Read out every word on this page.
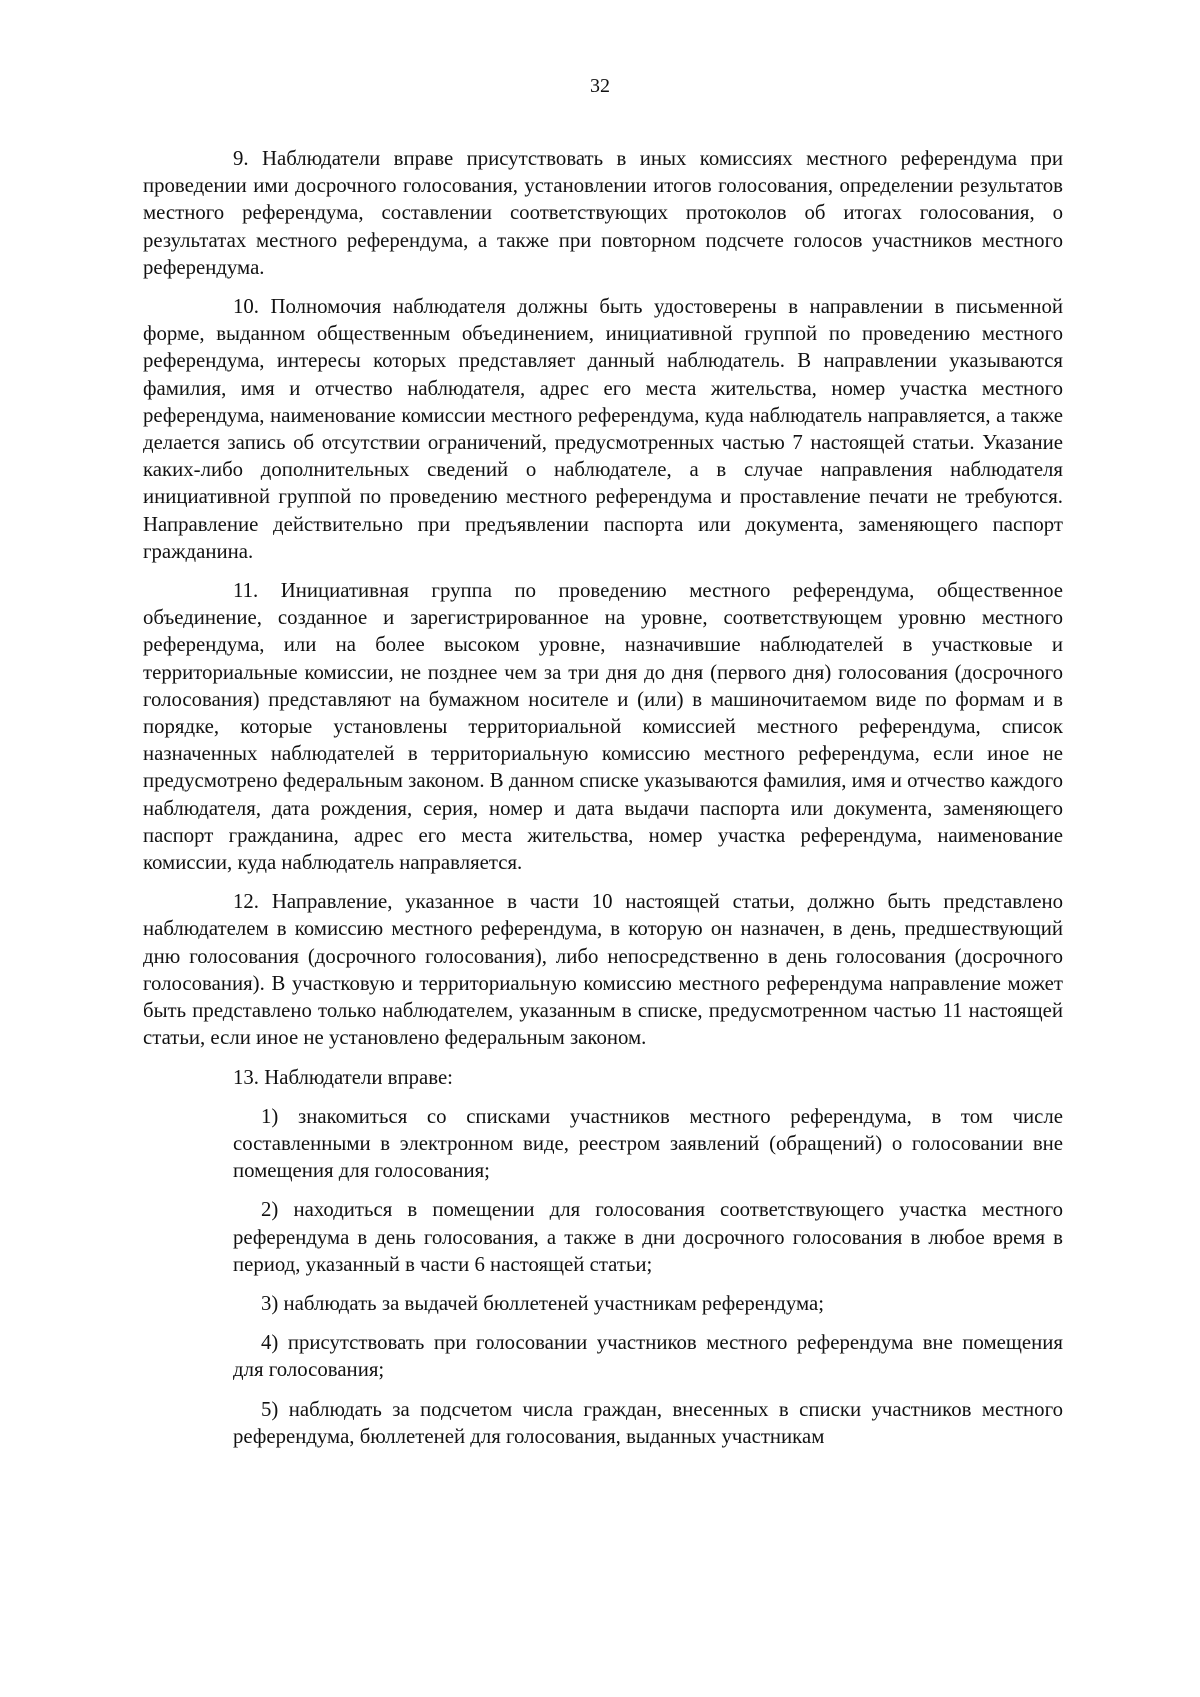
32

9. Наблюдатели вправе присутствовать в иных комиссиях местного референдума при проведении ими досрочного голосования, установлении итогов голосования, определении результатов местного референдума, составлении соответствующих протоколов об итогах голосования, о результатах местного референдума, а также при повторном подсчете голосов участников местного референдума.

10. Полномочия наблюдателя должны быть удостоверены в направлении в письменной форме, выданном общественным объединением, инициативной группой по проведению местного референдума, интересы которых представляет данный наблюдатель. В направлении указываются фамилия, имя и отчество наблюдателя, адрес его места жительства, номер участка местного референдума, наименование комиссии местного референдума, куда наблюдатель направляется, а также делается запись об отсутствии ограничений, предусмотренных частью 7 настоящей статьи. Указание каких-либо дополнительных сведений о наблюдателе, а в случае направления наблюдателя инициативной группой по проведению местного референдума и проставление печати не требуются. Направление действительно при предъявлении паспорта или документа, заменяющего паспорт гражданина.

11. Инициативная группа по проведению местного референдума, общественное объединение, созданное и зарегистрированное на уровне, соответствующем уровню местного референдума, или на более высоком уровне, назначившие наблюдателей в участковые и территориальные комиссии, не позднее чем за три дня до дня (первого дня) голосования (досрочного голосования) представляют на бумажном носителе и (или) в машиночитаемом виде по формам и в порядке, которые установлены территориальной комиссией местного референдума, список назначенных наблюдателей в территориальную комиссию местного референдума, если иное не предусмотрено федеральным законом. В данном списке указываются фамилия, имя и отчество каждого наблюдателя, дата рождения, серия, номер и дата выдачи паспорта или документа, заменяющего паспорт гражданина, адрес его места жительства, номер участка референдума, наименование комиссии, куда наблюдатель направляется.

12. Направление, указанное в части 10 настоящей статьи, должно быть представлено наблюдателем в комиссию местного референдума, в которую он назначен, в день, предшествующий дню голосования (досрочного голосования), либо непосредственно в день голосования (досрочного голосования). В участковую и территориальную комиссию местного референдума направление может быть представлено только наблюдателем, указанным в списке, предусмотренном частью 11 настоящей статьи, если иное не установлено федеральным законом.

13. Наблюдатели вправе:

1) знакомиться со списками участников местного референдума, в том числе составленными в электронном виде, реестром заявлений (обращений) о голосовании вне помещения для голосования;

2) находиться в помещении для голосования соответствующего участка местного референдума в день голосования, а также в дни досрочного голосования в любое время в период, указанный в части 6 настоящей статьи;

3) наблюдать за выдачей бюллетеней участникам референдума;

4) присутствовать при голосовании участников местного референдума вне помещения для голосования;

5) наблюдать за подсчетом числа граждан, внесенных в списки участников местного референдума, бюллетеней для голосования, выданных участникам
